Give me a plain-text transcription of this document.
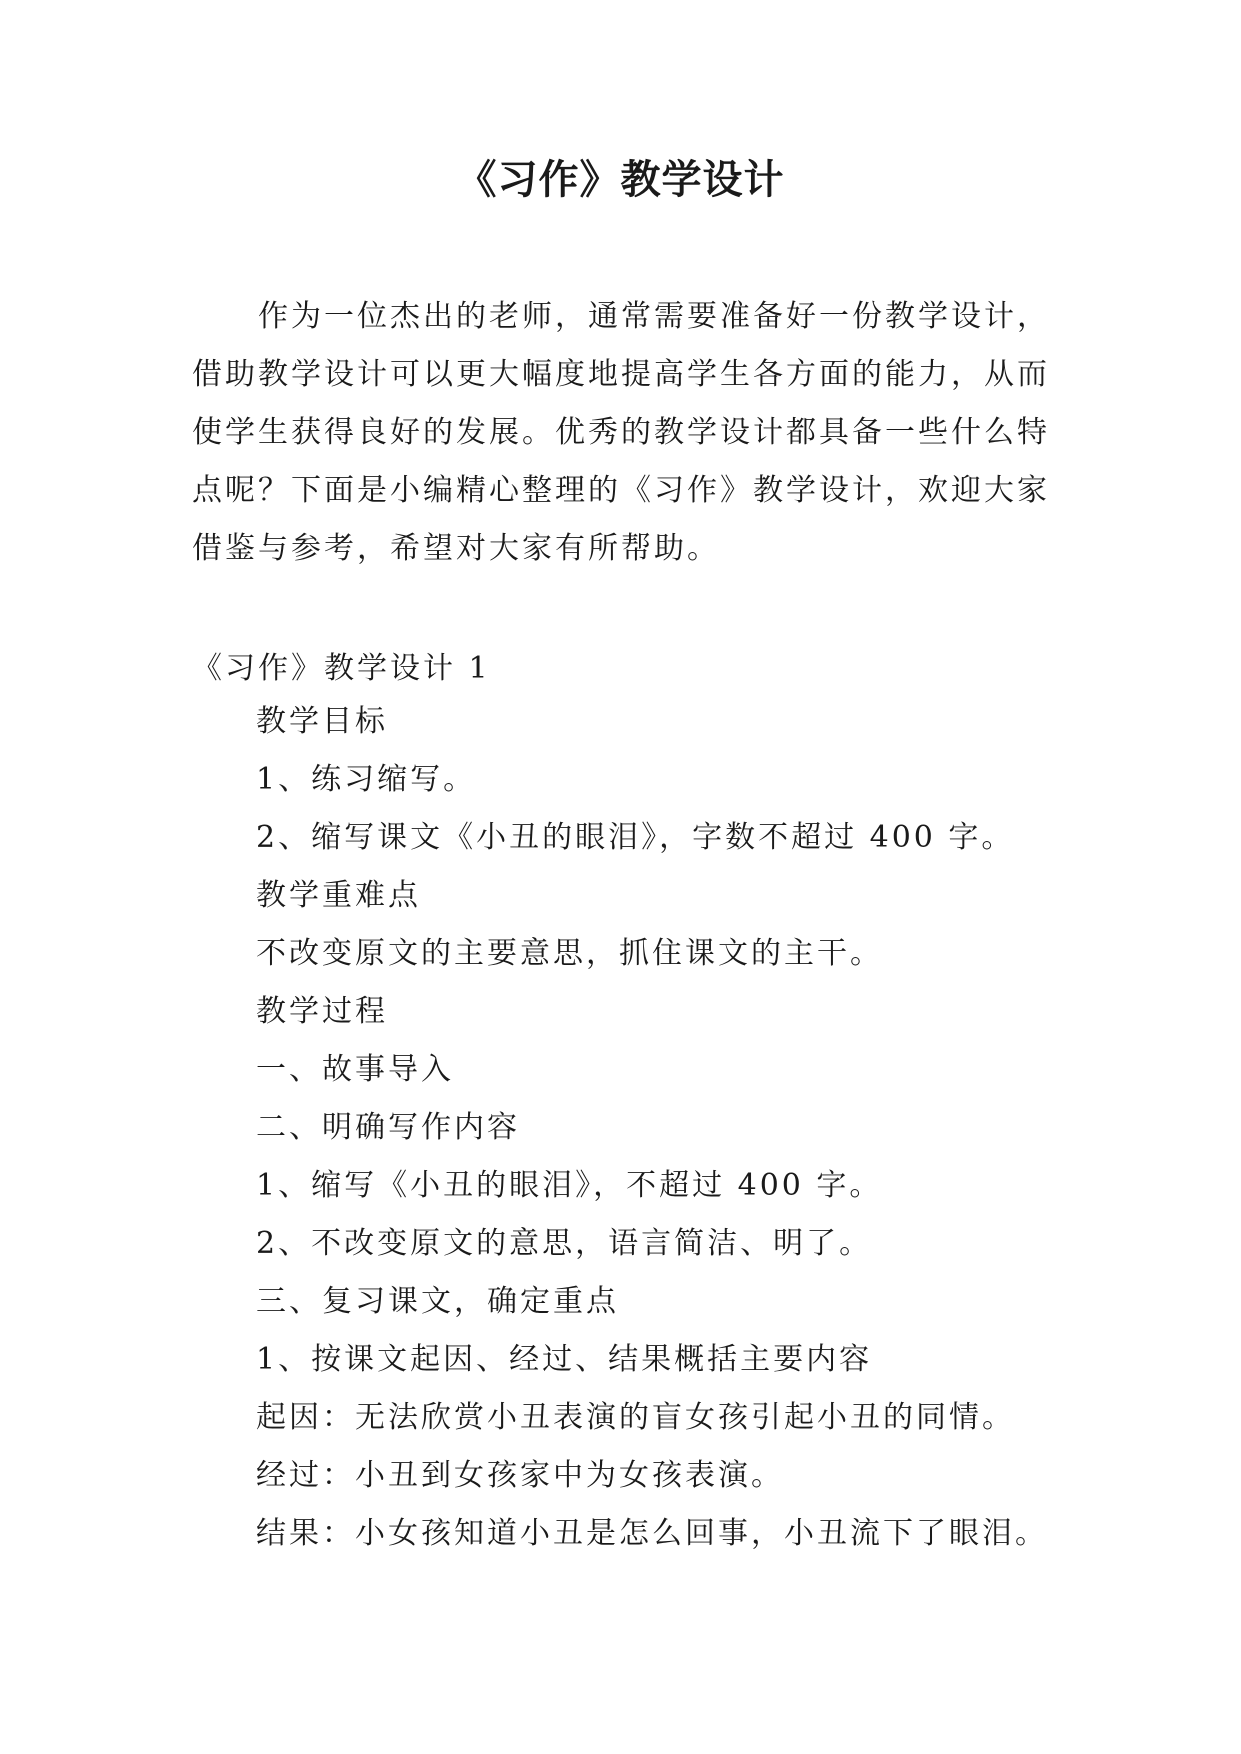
《习作》教学设计

作为一位杰出的老师，通常需要准备好一份教学设计，借助教学设计可以更大幅度地提高学生各方面的能力，从而使学生获得良好的发展。优秀的教学设计都具备一些什么特点呢？下面是小编精心整理的《习作》教学设计，欢迎大家借鉴与参考，希望对大家有所帮助。

《习作》教学设计 1

教学目标
1、练习缩写。
2、缩写课文《小丑的眼泪》，字数不超过 400 字。
教学重难点
不改变原文的主要意思，抓住课文的主干。
教学过程
一、故事导入
二、明确写作内容
1、缩写《小丑的眼泪》，不超过 400 字。
2、不改变原文的意思，语言简洁、明了。
三、复习课文，确定重点
1、按课文起因、经过、结果概括主要内容
起因：无法欣赏小丑表演的盲女孩引起小丑的同情。
经过：小丑到女孩家中为女孩表演。
结果：小女孩知道小丑是怎么回事，小丑流下了眼泪。
